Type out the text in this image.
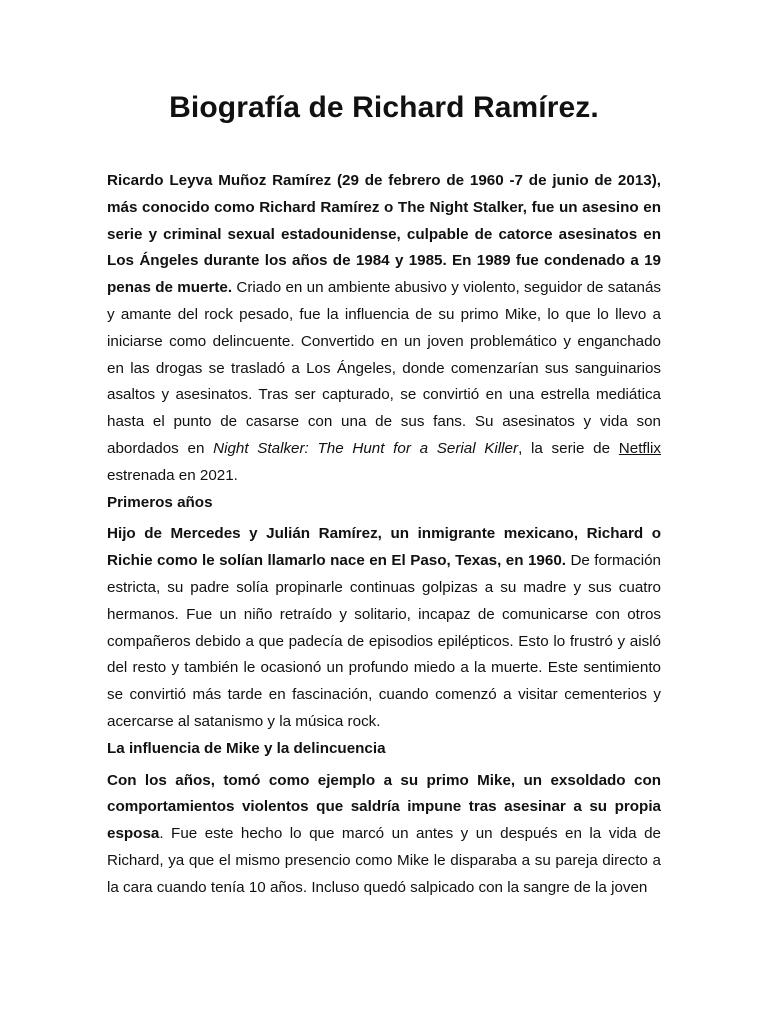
Biografía de Richard Ramírez.

Ricardo Leyva Muñoz Ramírez (29 de febrero de 1960 -7 de junio de 2013), más conocido como Richard Ramírez o The Night Stalker, fue un asesino en serie y criminal sexual estadounidense, culpable de catorce asesinatos en Los Ángeles durante los años de 1984 y 1985. En 1989 fue condenado a 19 penas de muerte. Criado en un ambiente abusivo y violento, seguidor de satanás y amante del rock pesado, fue la influencia de su primo Mike, lo que lo llevo a iniciarse como delincuente. Convertido en un joven problemático y enganchado en las drogas se trasladó a Los Ángeles, donde comenzarían sus sanguinarios asaltos y asesinatos. Tras ser capturado, se convirtió en una estrella mediática hasta el punto de casarse con una de sus fans. Su asesinatos y vida son abordados en Night Stalker: The Hunt for a Serial Killer, la serie de Netflix estrenada en 2021.

Primeros años

Hijo de Mercedes y Julián Ramírez, un inmigrante mexicano, Richard o Richie como le solían llamarlo nace en El Paso, Texas, en 1960. De formación estricta, su padre solía propinarle continuas golpizas a su madre y sus cuatro hermanos. Fue un niño retraído y solitario, incapaz de comunicarse con otros compañeros debido a que padecía de episodios epilépticos. Esto lo frustró y aisló del resto y también le ocasionó un profundo miedo a la muerte. Este sentimiento se convirtió más tarde en fascinación, cuando comenzó a visitar cementerios y acercarse al satanismo y la música rock.

La influencia de Mike y la delincuencia

Con los años, tomó como ejemplo a su primo Mike, un exsoldado con comportamientos violentos que saldría impune tras asesinar a su propia esposa. Fue este hecho lo que marcó un antes y un después en la vida de Richard, ya que el mismo presencio como Mike le disparaba a su pareja directo a la cara cuando tenía 10 años. Incluso quedó salpicado con la sangre de la joven
